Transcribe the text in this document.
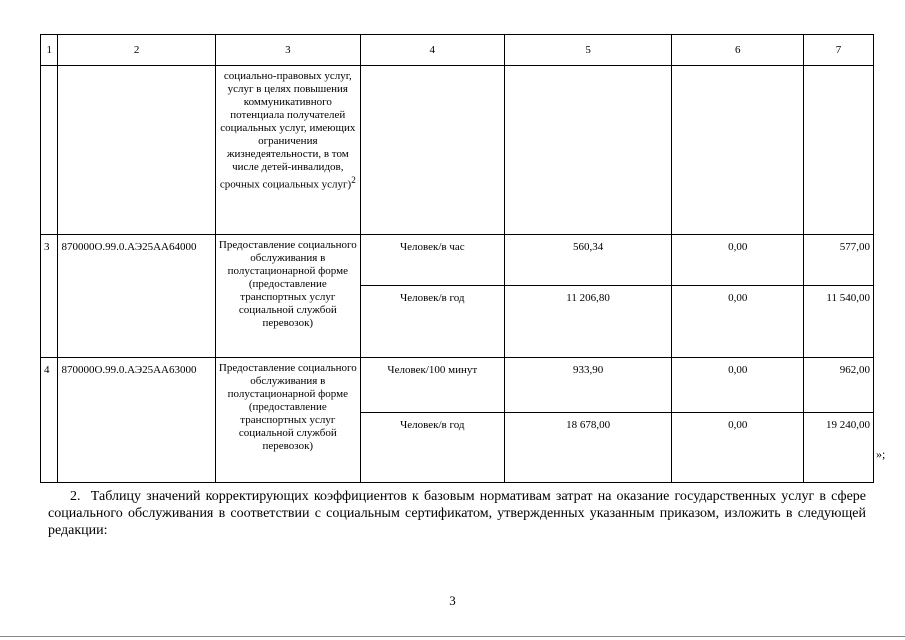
1	2	3	4	5	6	7
		социально-правовых услуг, услуг в целях повышения коммуникативного потенциала получателей социальных услуг, имеющих ограничения жизнедеятельности, в том числе детей-инвалидов, срочных социальных услуг)$^2$				
3	870000О.99.0.АЭ25АА64000	Предоставление социального обслуживания в полустационарной форме (предоставление транспортных услуг социальной службой перевозок)	Человек/в час	560,34	0,00	577,00
			Человек/в год	11 206,80	0,00	11 540,00
4	870000О.99.0.АЭ25АА63000	Предоставление социального обслуживания в полустационарной форме (предоставление транспортных услуг социальной службой перевозок)	Человек/100 минут	933,90	0,00	962,00
			Человек/в год	18 678,00	0,00	19 240,00
»;
2. Таблицу значений корректирующих коэффициентов к базовым нормативам затрат на оказание государственных услуг в сфере социального обслуживания в соответствии с социальным сертификатом, утвержденных указанным приказом, изложить в следующей редакции:
3
